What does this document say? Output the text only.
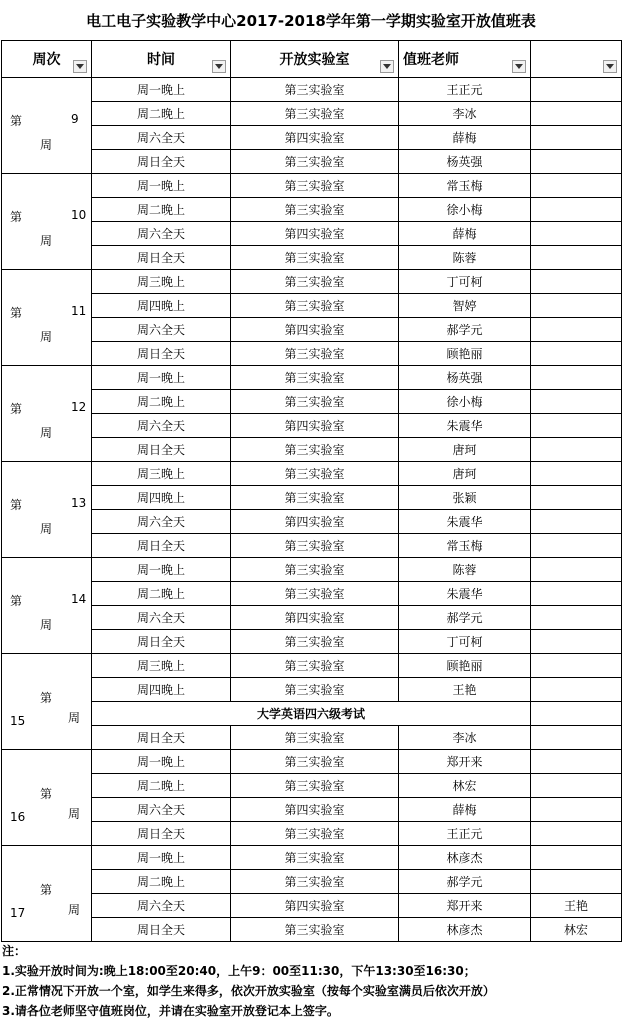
电工电子实验教学中心2017-2018学年第一学期实验室开放值班表
周次	时间	开放实验室	值班老师

第 9
周	周一晚上	第三实验室	王正元	
	周二晚上	第三实验室	李冰	
	周六全天	第四实验室	薛梅	
	周日全天	第三实验室	杨英强	

第 10
周	周一晚上	第三实验室	常玉梅	
	周二晚上	第三实验室	徐小梅	
	周六全天	第四实验室	薛梅	
	周日全天	第三实验室	陈蓉	

第 11
周	周三晚上	第三实验室	丁可柯	
	周四晚上	第三实验室	智婷	
	周六全天	第四实验室	郝学元	
	周日全天	第三实验室	顾艳丽	

第 12
周	周一晚上	第三实验室	杨英强	
	周二晚上	第三实验室	徐小梅	
	周六全天	第四实验室	朱震华	
	周日全天	第三实验室	唐珂	

第 13
周	周三晚上	第三实验室	唐珂	
	周四晚上	第三实验室	张颖	
	周六全天	第四实验室	朱震华	
	周日全天	第三实验室	常玉梅	

第 14
周	周一晚上	第三实验室	陈蓉	
	周二晚上	第三实验室	朱震华	
	周六全天	第四实验室	郝学元	
	周日全天	第三实验室	丁可柯	

第
15 周	周三晚上	第三实验室	顾艳丽	
	周四晚上	第三实验室	王艳	
	大学英语四六级考试			
	周日全天	第三实验室	李冰	

第
16 周	周一晚上	第三实验室	郑开来	
	周二晚上	第三实验室	林宏	
	周六全天	第四实验室	薛梅	
	周日全天	第三实验室	王正元	

第
17 周	周一晚上	第三实验室	林彦杰	
	周二晚上	第三实验室	郝学元	
	周六全天	第四实验室	郑开来	王艳
	周日全天	第三实验室	林彦杰	林宏
注：
1.实验开放时间为:晚上18:00至20:40，上午9：00至11:30，下午13:30至16:30；
2.正常情况下开放一个室，如学生来得多，依次开放实验室（按每个实验室满员后依次开放）
3.请各位老师坚守值班岗位，并请在实验室开放登记本上签字。
